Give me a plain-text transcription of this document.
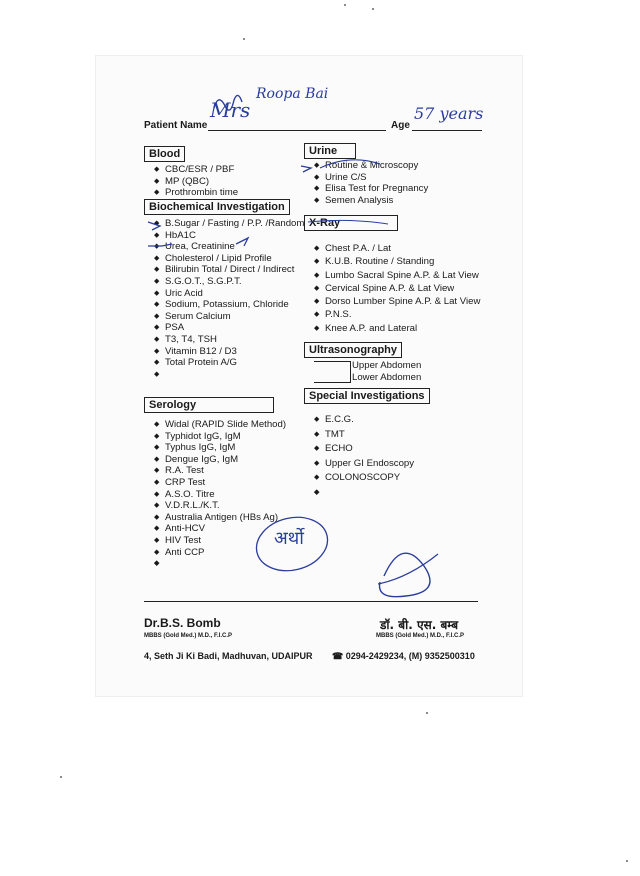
Patient Name
Mrs
Roopa Bai
Age
57 years
Blood
◆ CBC/ESR / PBF
◆ MP (QBC)
◆ Prothrombin time
Biochemical Investigation
◆ B.Sugar / Fasting / P.P. /Random
◆ HbA1C
◆ Urea, Creatinine
◆ Cholesterol / Lipid Profile
◆ Bilirubin Total / Direct / Indirect
◆ S.G.O.T., S.G.P.T.
◆ Uric Acid
◆ Sodium, Potassium, Chloride
◆ Serum Calcium
◆ PSA
◆ T3, T4, TSH
◆ Vitamin B12 / D3
◆ Total Protein A/G
Serology
◆ Widal (RAPID Slide Method)
◆ Typhidot IgG, IgM
◆ Typhus IgG, IgM
◆ Dengue IgG, IgM
◆ R.A. Test
◆ CRP Test
◆ A.S.O. Titre
◆ V.D.R.L./K.T.
◆ Australia Antigen (HBs Ag)
◆ Anti-HCV
◆ HIV Test
◆ Anti CCP
Urine
◆ Routine & Microscopy
◆ Urine C/S
◆ Elisa Test for Pregnancy
◆ Semen Analysis
X-Ray
◆ Chest P.A. / Lat
◆ K.U.B. Routine / Standing
◆ Lumbo Sacral Spine A.P. & Lat View
◆ Cervical Spine A.P. & Lat View
◆ Dorso Lumber Spine A.P. & Lat View
◆ P.N.S.
◆ Knee A.P. and Lateral
Ultrasonography
Upper Abdomen
Lower Abdomen
Special Investigations
◆ E.C.G.
◆ TMT
◆ ECHO
◆ Upper GI Endoscopy
◆ COLONOSCOPY
अर्थो
Dr.B.S. Bomb
MBBS (Gold Med.) M.D., F.I.C.P
डॉ. बी. एस. बम्ब
MBBS (Gold Med.) M.D., F.I.C.P
4, Seth Ji Ki Badi, Madhuvan, UDAIPUR ☎ 0294-2429234, (M) 9352500310
